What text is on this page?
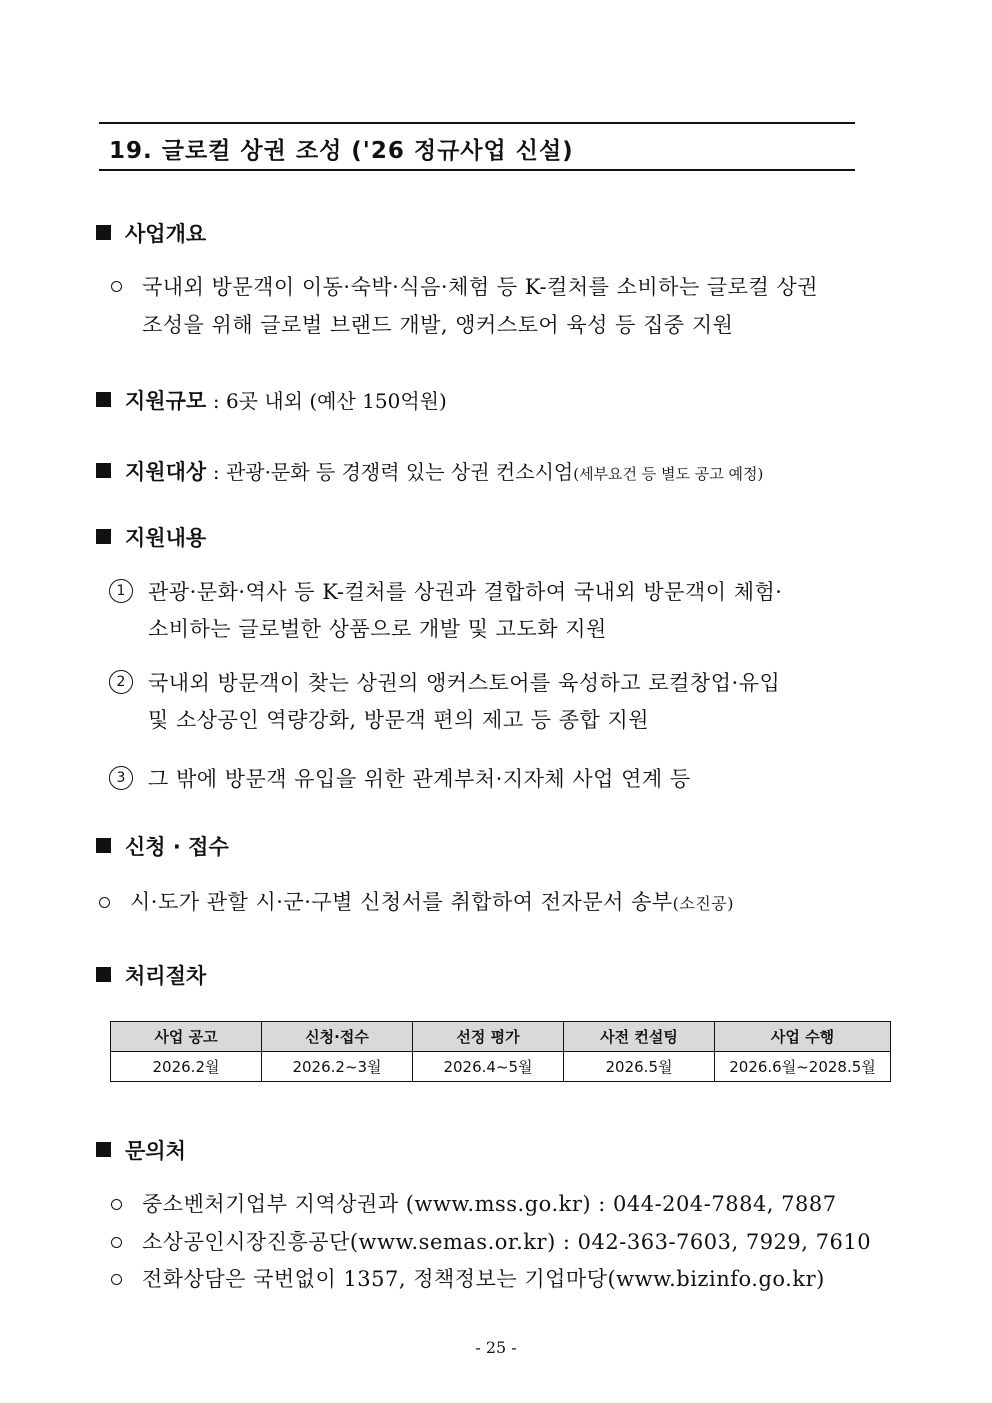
19. 글로컬 상권 조성 ('26 정규사업 신설)
사업개요
국내외 방문객이 이동·숙박·식음·체험 등 K-컬처를 소비하는 글로컬 상권
조성을 위해 글로벌 브랜드 개발, 앵커스토어 육성 등 집중 지원
지원규모 : 6곳 내외 (예산 150억원)
지원대상 : 관광·문화 등 경쟁력 있는 상권 컨소시엄(세부요건 등 별도 공고 예정)
지원내용
1	관광·문화·역사 등 K-컬처를 상권과 결합하여 국내외 방문객이 체험·
소비하는 글로벌한 상품으로 개발 및 고도화 지원
2	국내외 방문객이 찾는 상권의 앵커스토어를 육성하고 로컬창업·유입
및 소상공인 역량강화, 방문객 편의 제고 등 종합 지원
3	그 밖에 방문객 유입을 위한 관계부처·지자체 사업 연계 등
신청 · 접수
시·도가 관할 시·군·구별 신청서를 취합하여 전자문서 송부(소진공)
처리절차
사업 공고	신청·접수	선정 평가	사전 컨설팅	사업 수행
2026.2월	2026.2~3월	2026.4~5월	2026.5월	2026.6월~2028.5월
문의처
중소벤처기업부 지역상권과 (www.mss.go.kr) : 044-204-7884, 7887
소상공인시장진흥공단(www.semas.or.kr) : 042-363-7603, 7929, 7610
전화상담은 국번없이 1357, 정책정보는 기업마당(www.bizinfo.go.kr)
- 25 -
